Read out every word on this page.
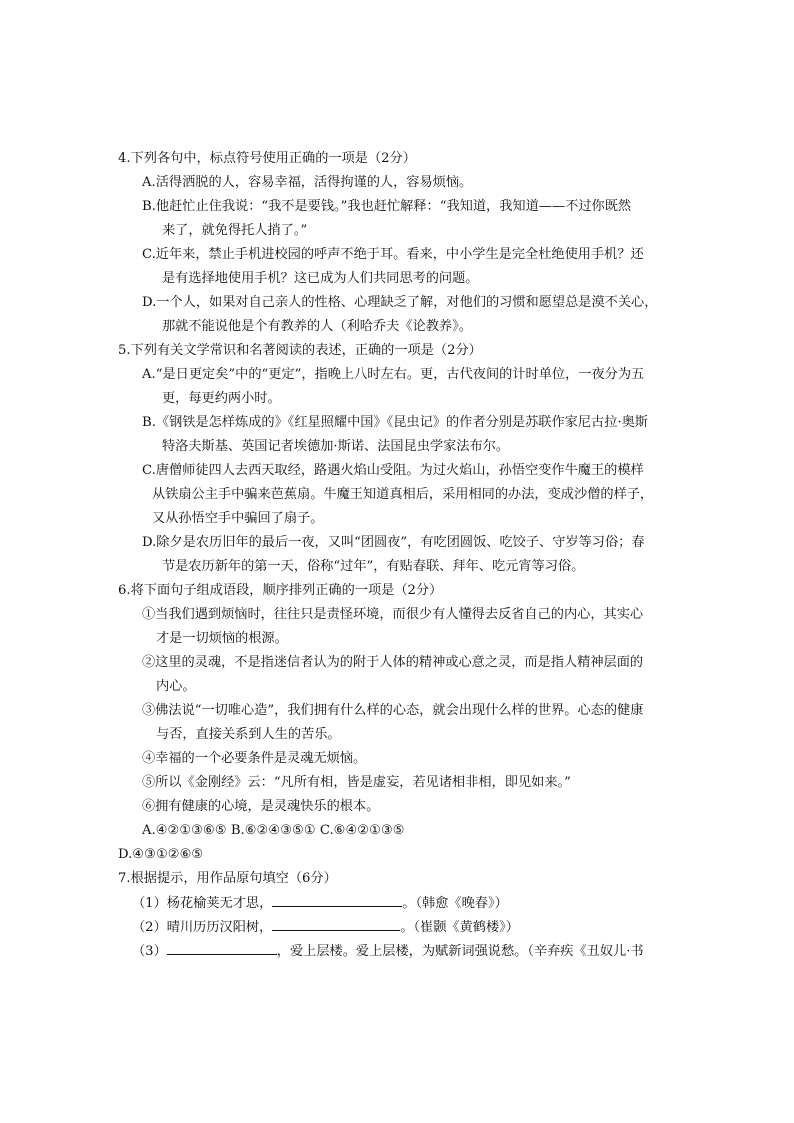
4.下列各句中，标点符号使用正确的一项是（2分）
A.活得洒脱的人，容易幸福，活得拘谨的人，容易烦恼。
B.他赶忙止住我说：“我不是要钱。”我也赶忙解释：“我知道，我知道——不过你既然
来了，就免得托人捎了。”
C.近年来，禁止手机进校园的呼声不绝于耳。看来，中小学生是完全杜绝使用手机？还
是有选择地使用手机？这已成为人们共同思考的问题。
D.一个人，如果对自己亲人的性格、心理缺乏了解，对他们的习惯和愿望总是漠不关心，
那就不能说他是个有教养的人（利哈乔夫《论教养》。
5.下列有关文学常识和名著阅读的表述，正确的一项是（2分）
A.“是日更定矣”中的“更定”，指晚上八时左右。更，古代夜间的计时单位，一夜分为五
更，每更约两小时。
B.《钢铁是怎样炼成的》《红星照耀中国》《昆虫记》的作者分别是苏联作家尼古拉·奥斯
特洛夫斯基、英国记者埃德加·斯诺、法国昆虫学家法布尔。
C.唐僧师徒四人去西天取经，路遇火焰山受阻。为过火焰山，孙悟空变作牛魔王的模样
从铁扇公主手中骗来芭蕉扇。牛魔王知道真相后，采用相同的办法，变成沙僧的样子，
又从孙悟空手中骗回了扇子。
D.除夕是农历旧年的最后一夜，又叫“团圆夜”，有吃团圆饭、吃饺子、守岁等习俗；春
节是农历新年的第一天，俗称“过年”，有贴春联、拜年、吃元宵等习俗。
6.将下面句子组成语段，顺序排列正确的一项是（2分）
①当我们遇到烦恼时，往往只是责怪环境，而很少有人懂得去反省自己的内心，其实心
才是一切烦恼的根源。
②这里的灵魂，不是指迷信者认为的附于人体的精神或心意之灵，而是指人精神层面的
内心。
③佛法说“一切唯心造”，我们拥有什么样的心态，就会出现什么样的世界。心态的健康
与否，直接关系到人生的苦乐。
④幸福的一个必要条件是灵魂无烦恼。
⑤所以《金刚经》云：“凡所有相，皆是虚妄，若见诸相非相，即见如来。”
⑥拥有健康的心境，是灵魂快乐的根本。
A.④②①③⑥⑤ B.⑥②④③⑤① C.⑥④②①③⑤
D.④③①②⑥⑤
7.根据提示，用作品原句填空（6分）
（1）杨花榆荚无才思，	。（韩愈《晚春》）
（2）晴川历历汉阳树，	。（崔颢《黄鹤楼》）
（3）	，爱上层楼。爱上层楼，为赋新词强说愁。（辛弃疾《丑奴儿·书
